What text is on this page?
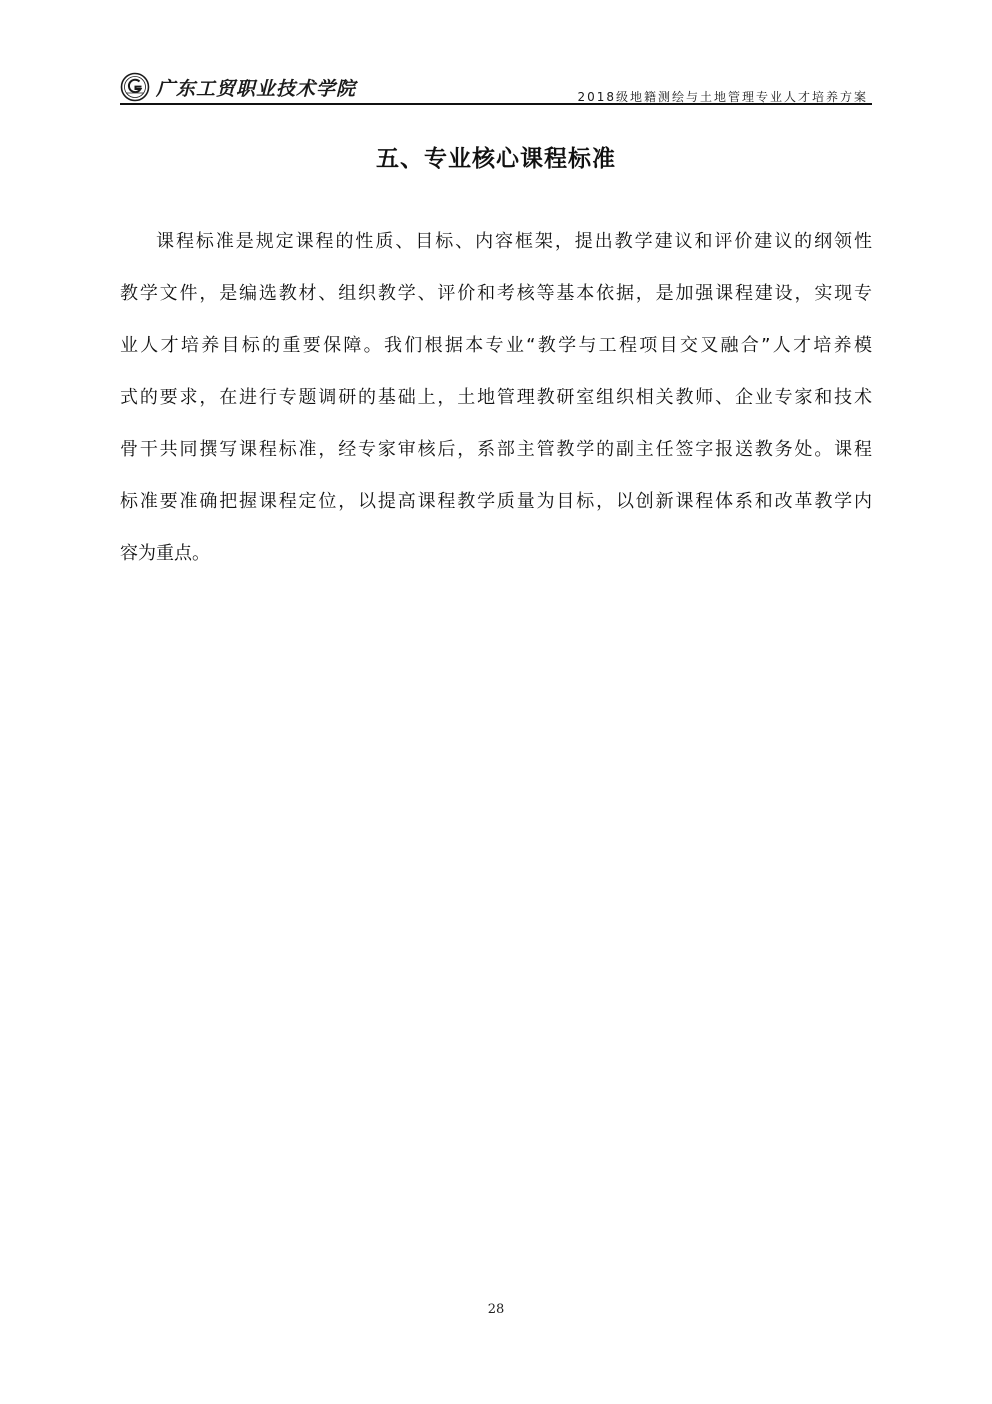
广东工贸职业技术学院	2018级地籍测绘与土地管理专业人才培养方案
五、专业核心课程标准
课程标准是规定课程的性质、目标、内容框架，提出教学建议和评价建议的纲领性
教学文件，是编选教材、组织教学、评价和考核等基本依据，是加强课程建设，实现专
业人才培养目标的重要保障。我们根据本专业“教学与工程项目交叉融合”人才培养模
式的要求，在进行专题调研的基础上，土地管理教研室组织相关教师、企业专家和技术
骨干共同撰写课程标准，经专家审核后，系部主管教学的副主任签字报送教务处。课程
标准要准确把握课程定位，以提高课程教学质量为目标，以创新课程体系和改革教学内
容为重点。
28
